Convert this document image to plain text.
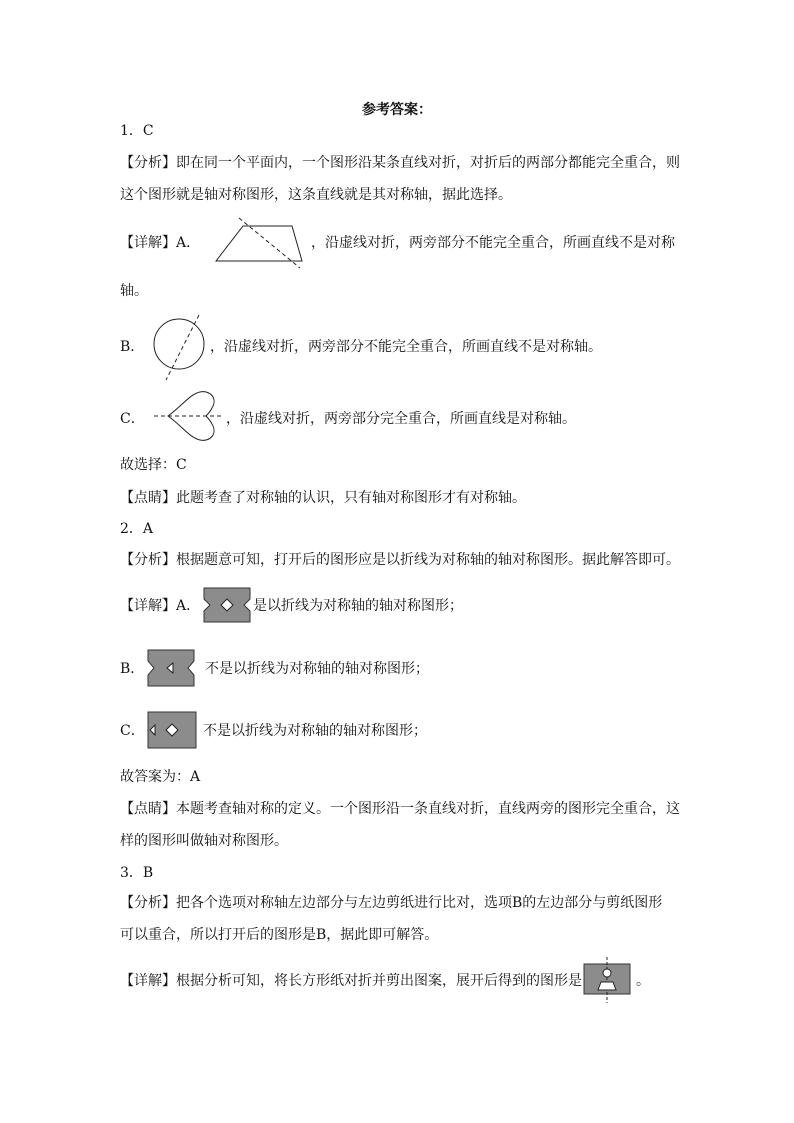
参考答案：
1．C
【分析】即在同一个平面内，一个图形沿某条直线对折，对折后的两部分都能完全重合，则
这个图形就是轴对称图形，这条直线就是其对称轴，据此选择。
【详解】A．	，沿虚线对折，两旁部分不能完全重合，所画直线不是对称
轴。
B．	，沿虚线对折，两旁部分不能完全重合，所画直线不是对称轴。
C．	，沿虚线对折，两旁部分完全重合，所画直线是对称轴。
故选择：C
【点睛】此题考查了对称轴的认识，只有轴对称图形才有对称轴。
2．A
【分析】根据题意可知，打开后的图形应是以折线为对称轴的轴对称图形。据此解答即可。
【详解】A．	是以折线为对称轴的轴对称图形；
B．	不是以折线为对称轴的轴对称图形；
C．	不是以折线为对称轴的轴对称图形；
故答案为：A
【点睛】本题考查轴对称的定义。一个图形沿一条直线对折，直线两旁的图形完全重合，这
样的图形叫做轴对称图形。
3．B
【分析】把各个选项对称轴左边部分与左边剪纸进行比对，选项B的左边部分与剪纸图形
可以重合，所以打开后的图形是B，据此即可解答。
【详解】根据分析可知，将长方形纸对折并剪出图案，展开后得到的图形是	。
